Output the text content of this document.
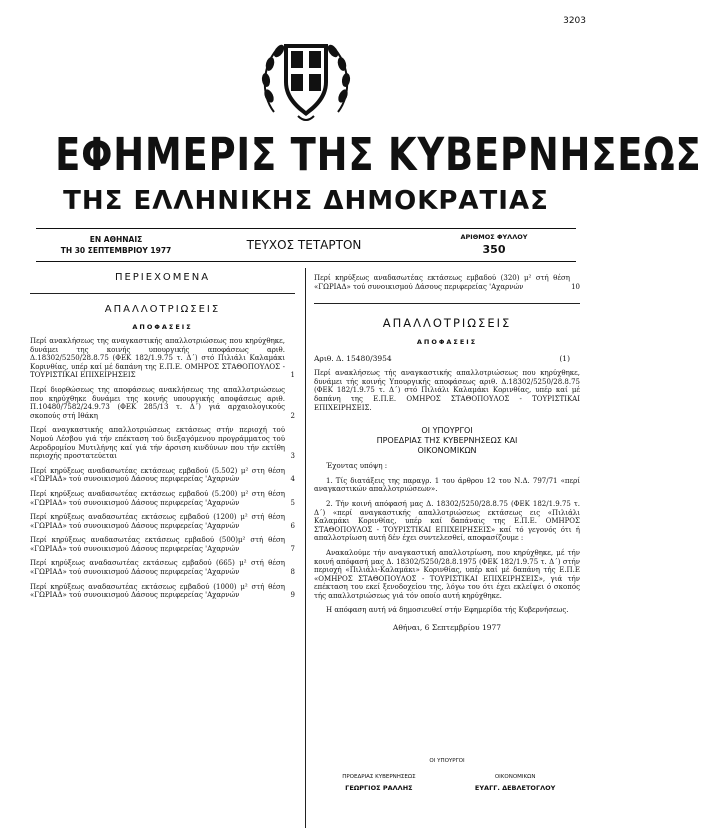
3203
ΕΦΗΜΕΡΙΣ ΤΗΣ ΚΥΒΕΡΝΗΣΕΩΣ
ΤΗΣ ΕΛΛΗΝΙΚΗΣ ΔΗΜΟΚΡΑΤΙΑΣ
ΕΝ ΑΘΗΝΑΙΣ
ΤΗ 30 ΣΕΠΤΕΜΒΡΙΟΥ 1977	ΤΕΥΧΟΣ ΤΕΤΑΡΤΟΝ
ΑΡΙΘΜΟΣ ΦΥΛΛΟΥ
350
ΠΕΡΙΕΧΟΜΕΝΑ
ΑΠΑΛΛΟΤΡΙΩΣΕΙΣ
ΑΠΟΦΑΣΕΙΣ
Περί ανακλήσεως της αναγκαστικής απαλλοτριώσεως που κηρύχθηκε, δυνάμει της κοινής υπουργικής αποφάσεως αριθ. Δ.18302/5250/28.8.75 (ΦΕΚ 182/1.9.75 τ. Δ΄) στό Πιλιάλι Καλαμάκι Κορινθίας, υπέρ καί μέ δαπάνη της Ε.Π.Ε. ΟΜΗΡΟΣ ΣΤΑΘΟΠΟΥΛΟΣ - ΤΟΥΡΙΣΤΙΚΑΙ ΕΠΙΧΕΙΡΗΣΕΙΣ	1
Περί διορθώσεως της αποφάσεως ανακλήσεως της απαλλοτριώσεως που κηρύχθηκε δυνάμει της κοινής υπουργικής αποφάσεως αριθ. Π.10480/7582/24.9.73 (ΦΕΚ 285/13 τ. Δ΄) γιά αρχαιολογικούς σκοπούς στή Ιθάκη	2
Περί αναγκαστικής απαλλοτριώσεως εκτάσεως στήν περιοχή τού Νομού Λέσβου γιά τήν επέκταση τού διεξαγόμενου προγράμματος τού Αεροδρομίου Μυτιλήνης καί γιά τήν άρσιση κινδύνων που τήν εκτίθη περιοχής προστατεύεται	3
Περί κηρύξεως αναδασωτέας εκτάσεως εμβαδού (5.502) μ² στη θέση «ΓΩΡΙΑΔ» τού συνοικισμού Δάσους περιφερείας 'Αχαρνών	4
Περί κηρύξεως αναδασωτέας εκτάσεως εμβαδού (5.200) μ² στη θέση «ΓΩΡΙΑΔ» τού συνοικισμού Δάσους περιφερείας 'Αχαρνών	5
Περί κηρύξεως αναδασωτέας εκτάσεως εμβαδού (1200) μ² στή θέση «ΓΩΡΙΑΔ» τού συνοικισμού Δάσους περιφερείας 'Αχαρνών	6
Περί κηρύξεως αναδασωτέας εκτάσεως εμβαδού (500)μ² στή θέση «ΓΩΡΙΑΔ» τού συνοικισμού Δάσους περιφερείας 'Αχαρνών	7
Περί κηρύξεως αναδασωτέας εκτάσεως εμβαδού (665) μ² στή θέση «ΓΩΡΙΑΔ» τού συνοικισμού Δάσους περιφερείας 'Αχαρνών	8
Περί κηρύξεως αναδασωτέας εκτάσεως εμβαδού (1000) μ² στή θέση «ΓΩΡΙΑΔ» τού συνοικισμού Δάσους περιφερείας 'Αχαρνών	9
Περί κηρύξεως αναδασωτέας εκτάσεως εμβαδού (320) μ² στή θέση «ΓΩΡΙΑΔ» τού συνοικισμού Δάσους περιφερείας 'Αχαρνών	10
ΑΠΑΛΛΟΤΡΙΩΣΕΙΣ
ΑΠΟΦΑΣΕΙΣ
Αριθ. Δ. 15480/3954	(1)
Περί ανακλήσεως τής αναγκαστικής απαλλοτριώσεως που κηρύχθηκε, δυνάμει τής κοινής Υπουργικής αποφάσεως αριθ. Δ.18302/5250/28.8.75 (ΦΕΚ 182/1.9.75 τ. Δ΄) στό Πιλιάλι Καλαμάκι Κορινθίας, υπέρ καί μέ δαπάνη της Ε.Π.Ε. ΟΜΗΡΟΣ ΣΤΑΘΟΠΟΥΛΟΣ - ΤΟΥΡΙΣΤΙΚΑΙ ΕΠΙΧΕΙΡΗΣΕΙΣ.
ΟΙ ΥΠΟΥΡΓΟΙ
ΠΡΟΕΔΡΙΑΣ ΤΗΣ ΚΥΒΕΡΝΗΣΕΩΣ ΚΑΙ
ΟΙΚΟΝΟΜΙΚΩΝ
Έχοντας υπόψη :
1. Τίς διατάξεις της παραγρ. 1 του άρθρου 12 του Ν.Δ. 797/71 «περί αναγκαστικών απαλλοτριώσεων».
2. Τήν κοινή απόφασή μας Δ. 18302/5250/28.8.75 (ΦΕΚ 182/1.9.75 τ. Δ΄) «περί αναγκαστικής απαλλοτριώσεως εκτάσεως εις «Πιλιάλι Καλαμάκι Κορινθίας, υπέρ καί δαπάναις της Ε.Π.Ε. ΟΜΗΡΟΣ ΣΤΑΘΟΠΟΥΛΟΣ - ΤΟΥΡΙΣΤΙΚΑΙ ΕΠΙΧΕΙΡΗΣΕΙΣ» καί τό γεγονός ότι ή απαλλοτρίωση αυτή δέν έχει συντελεσθεί, αποφασίζουμε :
Ανακαλούμε τήν αναγκαστική απαλλοτρίωση, που κηρύχθηκε, μέ τήν κοινή απόφασή μας Δ. 18302/5250/28.8.1975 (ΦΕΚ 182/1.9.75 τ. Δ΄) στήν περιοχή «Πιλιάλι-Καλαμάκι» Κορινθίας, υπέρ καί μέ δαπάνη τής Ε.Π.Ε «ΟΜΗΡΟΣ ΣΤΑΘΟΠΟΥΛΟΣ - ΤΟΥΡΙΣΤΙΚΑΙ ΕΠΙΧΕΙΡΗΣΕΙΣ», γιά τήν επέκταση του εκεί ξενοδοχείου της, λόγω του ότι έχει εκλείψει ό σκοπός τής απαλλοτριώσεως γιά τόν οποίο αυτή κηρύχθηκε.
Η απόφαση αυτή νά δημοσιευθεί στήν Εφημερίδα τής Κυβερνήσεως.
Αθήναι, 6 Σεπτεμβρίου 1977
ΟΙ ΥΠΟΥΡΓΟΙ
ΠΡΟΕΔΡΙΑΣ ΚΥΒΕΡΝΗΣΕΩΣ
ΓΕΩΡΓΙΟΣ ΡΑΛΛΗΣ
ΟΙΚΟΝΟΜΙΚΩΝ
ΕΥΑΓΓ. ΔΕΒΛΕΤΟΓΛΟΥ
